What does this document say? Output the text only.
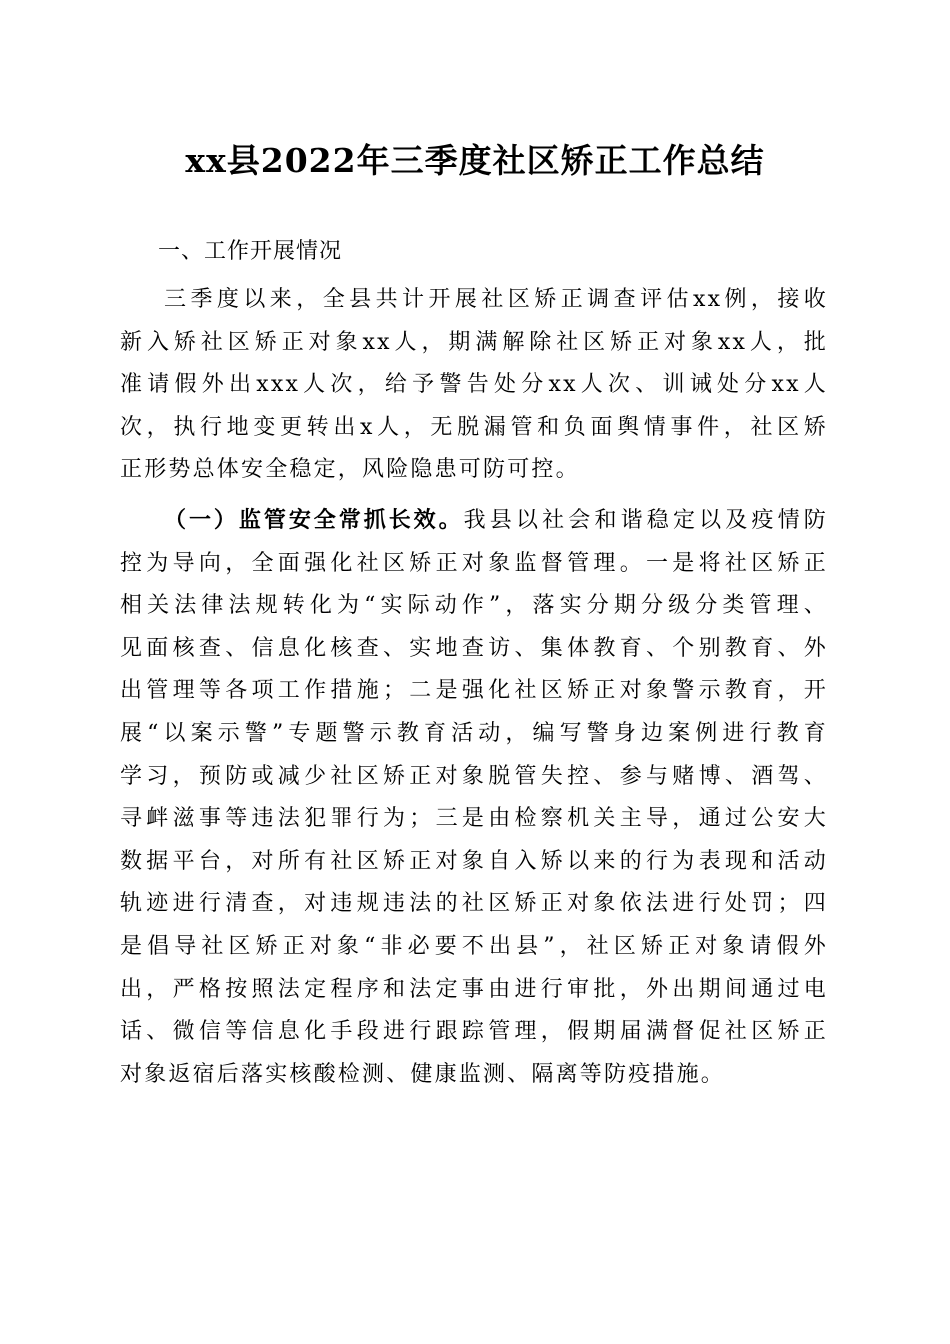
xx县2022年三季度社区矫正工作总结
一、工作开展情况
三季度以来，全县共计开展社区矫正调查评估xx例，接收
新入矫社区矫正对象xx人，期满解除社区矫正对象xx人，批
准请假外出xxx人次，给予警告处分xx人次、训诫处分xx人
次，执行地变更转出x人，无脱漏管和负面舆情事件，社区矫
正形势总体安全稳定，风险隐患可防可控。
（一）监管安全常抓长效。我县以社会和谐稳定以及疫情防
控为导向，全面强化社区矫正对象监督管理。一是将社区矫正
相关法律法规转化为“实际动作”，落实分期分级分类管理、
见面核查、信息化核查、实地查访、集体教育、个别教育、外
出管理等各项工作措施；二是强化社区矫正对象警示教育，开
展“以案示警”专题警示教育活动，编写警身边案例进行教育
学习，预防或减少社区矫正对象脱管失控、参与赌博、酒驾、
寻衅滋事等违法犯罪行为；三是由检察机关主导，通过公安大
数据平台，对所有社区矫正对象自入矫以来的行为表现和活动
轨迹进行清查，对违规违法的社区矫正对象依法进行处罚；四
是倡导社区矫正对象“非必要不出县”，社区矫正对象请假外
出，严格按照法定程序和法定事由进行审批，外出期间通过电
话、微信等信息化手段进行跟踪管理，假期届满督促社区矫正
对象返宿后落实核酸检测、健康监测、隔离等防疫措施。
